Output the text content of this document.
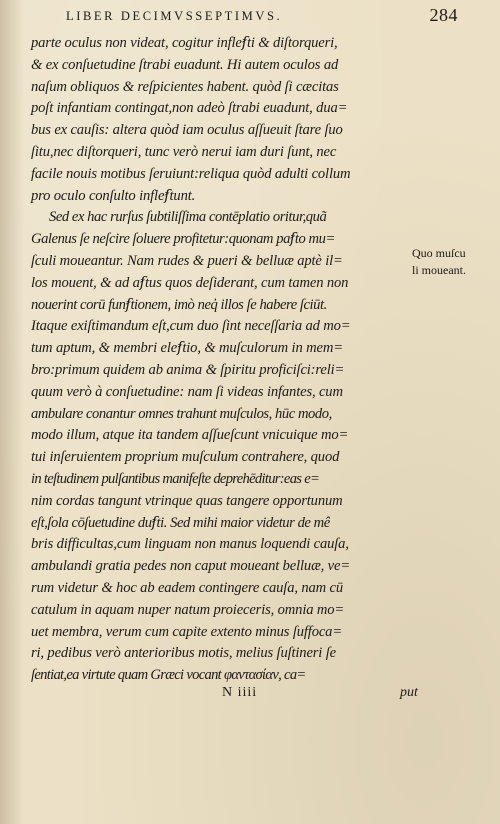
LIBER DECIMVSSEPTIMVS.	284
parte oculus non videat, cogitur infleẜti & diſtorqueri,
& ex conſuetudine ſtrabi euadunt. Hi autem oculos ad
naſum obliquos & reſpicientes habent. quòd ſi cæcitas
poſt infantiam contingat,non adeò ſtrabi euadunt, dua=
bus ex cauſis: altera quòd iam oculus aſſueuit ſtare ſuo
ſitu,nec diſtorqueri, tunc verò nerui iam duri ſunt, nec
facile nouis motibus ſeruiunt:reliqua quòd adulti collum
pro oculo conſulto infleẜtunt.
Sed ex hac rurſus ſubtiliſſima contēplatio oritur,quã
Galenus ſe neſcire ſoluere profitetur:quonam paẜto mu=
ſculi moueantur. Nam rudes & pueri & belluæ aptè il=
los mouent, & ad aẜtus quos deſiderant, cum tamen non
nouerint corū funẜtionem, imò neq̓ illos ſe habere ſciūt.
Itaque exiſtimandum eſt,cum duo ſint neceſſaria ad mo=
tum aptum, & membri eleẜtio, & muſculorum in mem=
bro:primum quidem ab anima & ſpiritu proficiſci:reli=
quum verò à conſuetudine: nam ſi videas infantes, cum
ambulare conantur omnes trahunt muſculos, hūc modo,
modo illum, atque ita tandem aſſueſcunt vnicuique mo=
tui inſeruientem proprium muſculum contrahere, quod
in teſtudinem pulſantibus manifeſte deprehēditur:eas e=
nim cordas tangunt vtrinque quas tangere opportunum
eſt,ſola cōſuetudine duẜti. Sed mihi maior videtur de mê
bris difficultas,cum linguam non manus loquendi cauſa,
ambulandi gratia pedes non caput moueant belluæ, ve=
rum videtur & hoc ab eadem contingere cauſa, nam cū
catulum in aquam nuper natum proieceris, omnia mo=
uet membra, verum cum capite extento minus ſuffoca=
ri, pedibus verò anterioribus motis, melius ſuſtineri ſe
ſentiat,ea virtute quam Græci vocant φαντασίαν, ca=
Quo muſcu
li moueant.
N iiii	put
